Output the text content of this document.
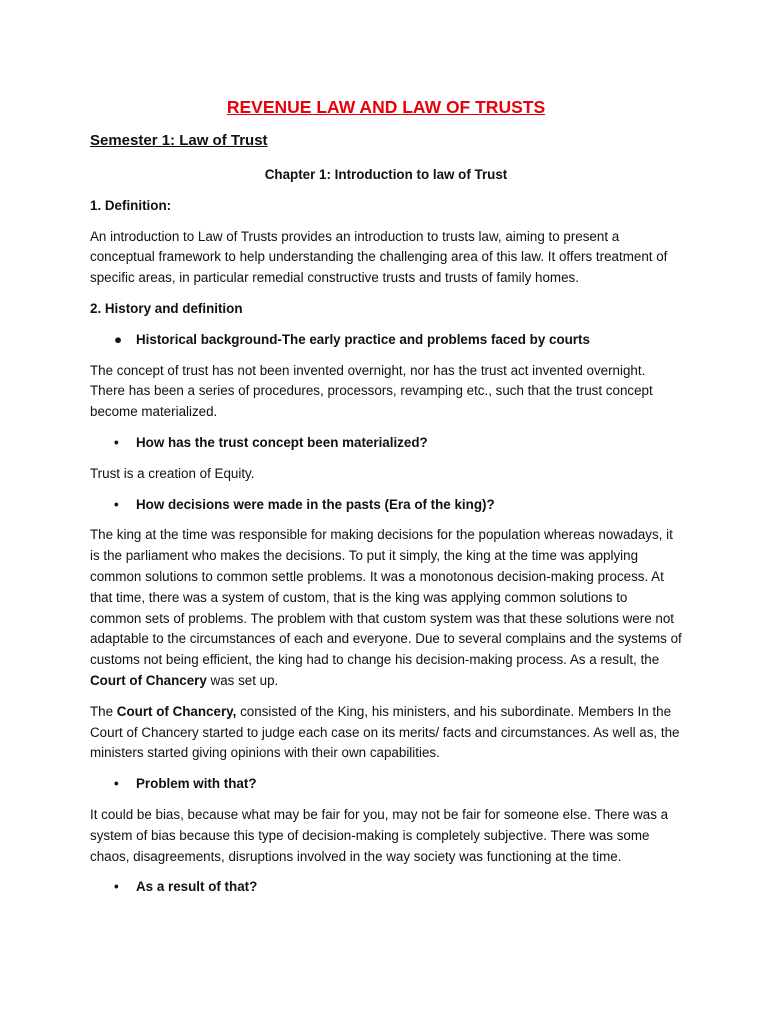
REVENUE LAW AND LAW OF TRUSTS
Semester 1: Law of Trust
Chapter 1: Introduction to law of Trust
1. Definition:
An introduction to Law of Trusts provides an introduction to trusts law, aiming to present a conceptual framework to help understanding the challenging area of this law. It offers treatment of specific areas, in particular remedial constructive trusts and trusts of family homes.
2. History and definition
● Historical background-The early practice and problems faced by courts
The concept of trust has not been invented overnight, nor has the trust act invented overnight. There has been a series of procedures, processors, revamping etc., such that the trust concept become materialized.
• How has the trust concept been materialized?
Trust is a creation of Equity.
• How decisions were made in the pasts (Era of the king)?
The king at the time was responsible for making decisions for the population whereas nowadays, it is the parliament who makes the decisions. To put it simply, the king at the time was applying common solutions to common settle problems. It was a monotonous decision-making process. At that time, there was a system of custom, that is the king was applying common solutions to common sets of problems. The problem with that custom system was that these solutions were not adaptable to the circumstances of each and everyone. Due to several complains and the systems of customs not being efficient, the king had to change his decision-making process. As a result, the Court of Chancery was set up.
The Court of Chancery, consisted of the King, his ministers, and his subordinate. Members In the Court of Chancery started to judge each case on its merits/ facts and circumstances. As well as, the ministers started giving opinions with their own capabilities.
• Problem with that?
It could be bias, because what may be fair for you, may not be fair for someone else. There was a system of bias because this type of decision-making is completely subjective. There was some chaos, disagreements, disruptions involved in the way society was functioning at the time.
• As a result of that?
